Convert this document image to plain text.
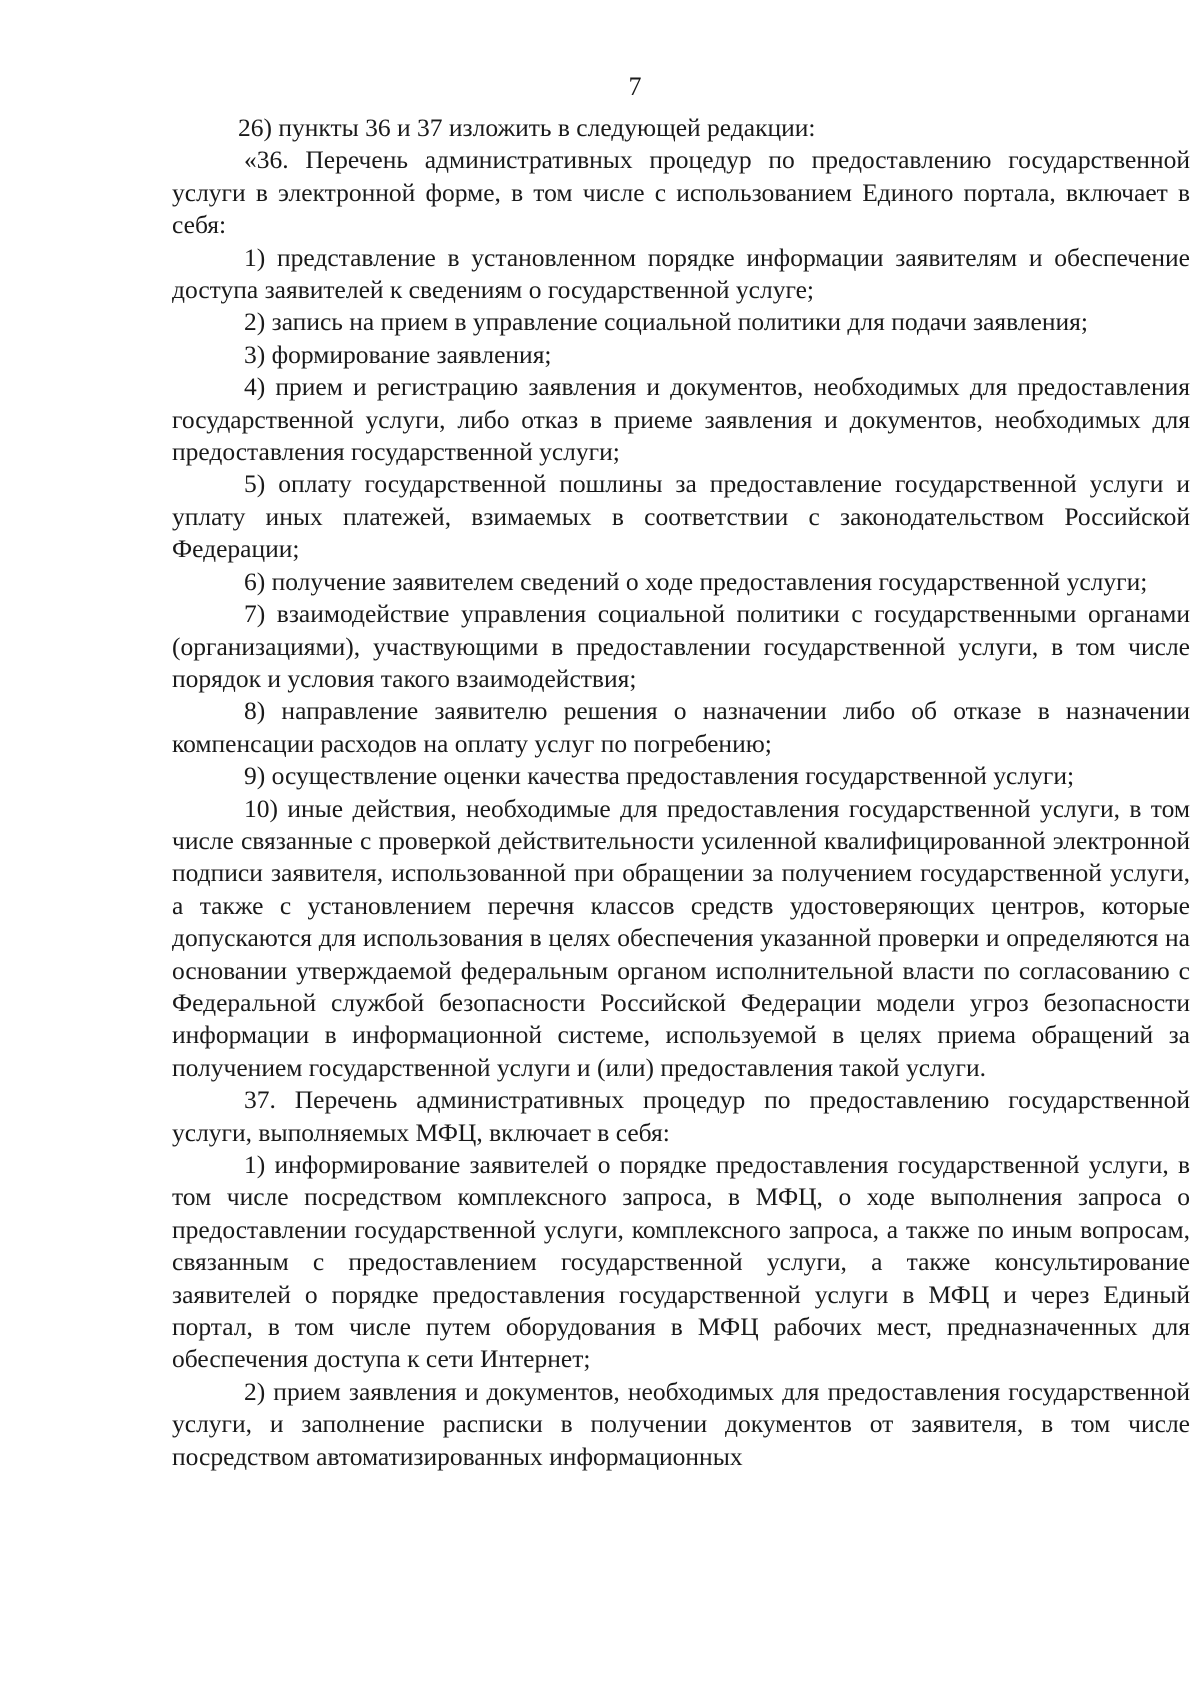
7

26) пункты 36 и 37 изложить в следующей редакции:

«36. Перечень административных процедур по предоставлению государственной услуги в электронной форме, в том числе с использованием Единого портала, включает в себя:

1) представление в установленном порядке информации заявителям и обеспечение доступа заявителей к сведениям о государственной услуге;

2) запись на прием в управление социальной политики для подачи заявления;

3) формирование заявления;

4) прием и регистрацию заявления и документов, необходимых для предоставления государственной услуги, либо отказ в приеме заявления и документов, необходимых для предоставления государственной услуги;

5) оплату государственной пошлины за предоставление государственной услуги и уплату иных платежей, взимаемых в соответствии с законодательством Российской Федерации;

6) получение заявителем сведений о ходе предоставления государственной услуги;

7) взаимодействие управления социальной политики с государственными органами (организациями), участвующими в предоставлении государственной услуги, в том числе порядок и условия такого взаимодействия;

8) направление заявителю решения о назначении либо об отказе в назначении компенсации расходов на оплату услуг по погребению;

9) осуществление оценки качества предоставления государственной услуги;

10) иные действия, необходимые для предоставления государственной услуги, в том числе связанные с проверкой действительности усиленной квалифицированной электронной подписи заявителя, использованной при обращении за получением государственной услуги, а также с установлением перечня классов средств удостоверяющих центров, которые допускаются для использования в целях обеспечения указанной проверки и определяются на основании утверждаемой федеральным органом исполнительной власти по согласованию с Федеральной службой безопасности Российской Федерации модели угроз безопасности информации в информационной системе, используемой в целях приема обращений за получением государственной услуги и (или) предоставления такой услуги.

37. Перечень административных процедур по предоставлению государственной услуги, выполняемых МФЦ, включает в себя:

1) информирование заявителей о порядке предоставления государственной услуги, в том числе посредством комплексного запроса, в МФЦ, о ходе выполнения запроса о предоставлении государственной услуги, комплексного запроса, а также по иным вопросам, связанным с предоставлением государственной услуги, а также консультирование заявителей о порядке предоставления государственной услуги в МФЦ и через Единый портал, в том числе путем оборудования в МФЦ рабочих мест, предназначенных для обеспечения доступа к сети Интернет;

2) прием заявления и документов, необходимых для предоставления государственной услуги, и заполнение расписки в получении документов от заявителя, в том числе посредством автоматизированных информационных
